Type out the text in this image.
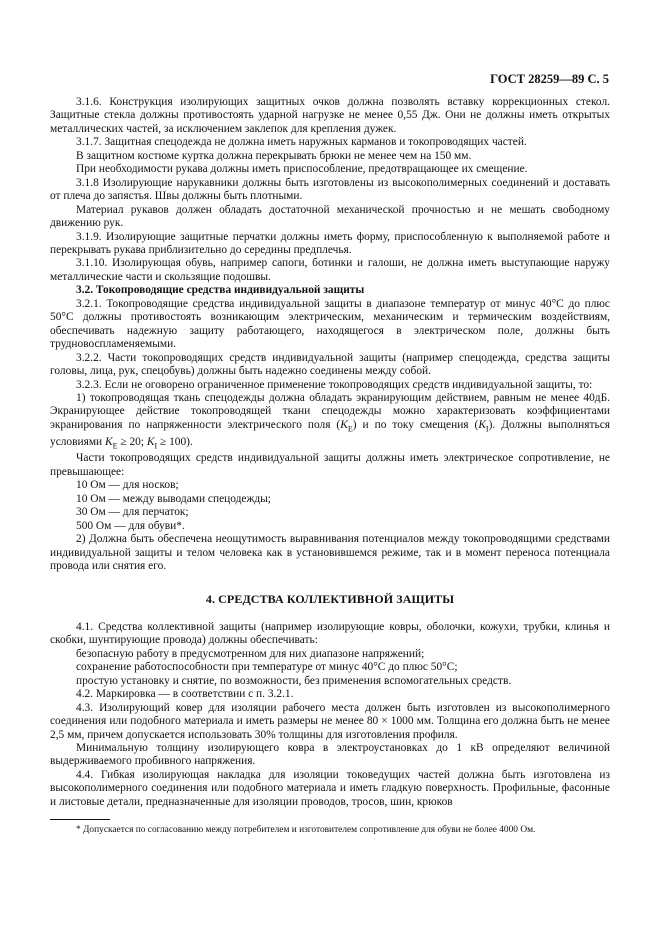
ГОСТ 28259—89 С. 5

3.1.6. Конструкция изолирующих защитных очков должна позволять вставку коррекционных стекол. Защитные стекла должны противостоять ударной нагрузке не менее 0,55 Дж. Они не должны иметь открытых металлических частей, за исключением заклепок для крепления дужек.

3.1.7. Защитная спецодежда не должна иметь наружных карманов и токопроводящих частей.

В защитном костюме куртка должна перекрывать брюки не менее чем на 150 мм.

При необходимости рукава должны иметь приспособление, предотвращающее их смещение.

3.1.8 Изолирующие нарукавники должны быть изготовлены из высокополимерных соединений и доставать от плеча до запястья. Швы должны быть плотными.

Материал рукавов должен обладать достаточной механической прочностью и не мешать свободному движению рук.

3.1.9. Изолирующие защитные перчатки должны иметь форму, приспособленную к выполняемой работе и перекрывать рукава приблизительно до середины предплечья.

3.1.10. Изолирующая обувь, например сапоги, ботинки и галоши, не должна иметь выступающие наружу металлические части и скользящие подошвы.

3.2. Токопроводящие средства индивидуальной защиты

3.2.1. Токопроводящие средства индивидуальной защиты в диапазоне температур от минус 40°С до плюс 50°С должны противостоять возникающим электрическим, механическим и термическим воздействиям, обеспечивать надежную защиту работающего, находящегося в электрическом поле, должны быть трудновоспламеняемыми.

3.2.2. Части токопроводящих средств индивидуальной защиты (например спецодежда, средства защиты головы, лица, рук, спецобувь) должны быть надежно соединены между собой.

3.2.3. Если не оговорено ограниченное применение токопроводящих средств индивидуальной защиты, то:

1) токопроводящая ткань спецодежды должна обладать экранирующим действием, равным не менее 40дБ. Экранирующее действие токопроводящей ткани спецодежды можно характеризовать коэффициентами экранирования по напряженности электрического поля $(K_E)$ и по току смещения $(K_I)$. Должны выполняться условиями $K_E \ge 20$; $K_I \ge 100$).

Части токопроводящих средств индивидуальной защиты должны иметь электрическое сопротивление, не превышающее:

10 Ом — для носков;

10 Ом — между выводами спецодежды;

30 Ом — для перчаток;

500 Ом — для обуви*.

2) Должна быть обеспечена неощутимость выравнивания потенциалов между токопроводящими средствами индивидуальной защиты и телом человека как в установившемся режиме, так и в момент переноса потенциала провода или снятия его.

4. СРЕДСТВА КОЛЛЕКТИВНОЙ ЗАЩИТЫ

4.1. Средства коллективной защиты (например изолирующие ковры, оболочки, кожухи, трубки, клинья и скобки, шунтирующие провода) должны обеспечивать:

безопасную работу в предусмотренном для них диапазоне напряжений;

сохранение работоспособности при температуре от минус 40°С до плюс 50°С;

простую установку и снятие, по возможности, без применения вспомогательных средств.

4.2. Маркировка — в соответствии с п. 3.2.1.

4.3. Изолирующий ковер для изоляции рабочего места должен быть изготовлен из высокополимерного соединения или подобного материала и иметь размеры не менее 80 × 1000 мм. Толщина его должна быть не менее 2,5 мм, причем допускается использовать 30% толщины для изготовления профиля.

Минимальную толщину изолирующего ковра в электроустановках до 1 кВ определяют величиной выдерживаемого пробивного напряжения.

4.4. Гибкая изолирующая накладка для изоляции токоведущих частей должна быть изготовлена из высокополимерного соединения или подобного материала и иметь гладкую поверхность. Профильные, фасонные и листовые детали, предназначенные для изоляции проводов, тросов, шин, крюков

* Допускается по согласованию между потребителем и изготовителем сопротивление для обуви не более 4000 Ом.
